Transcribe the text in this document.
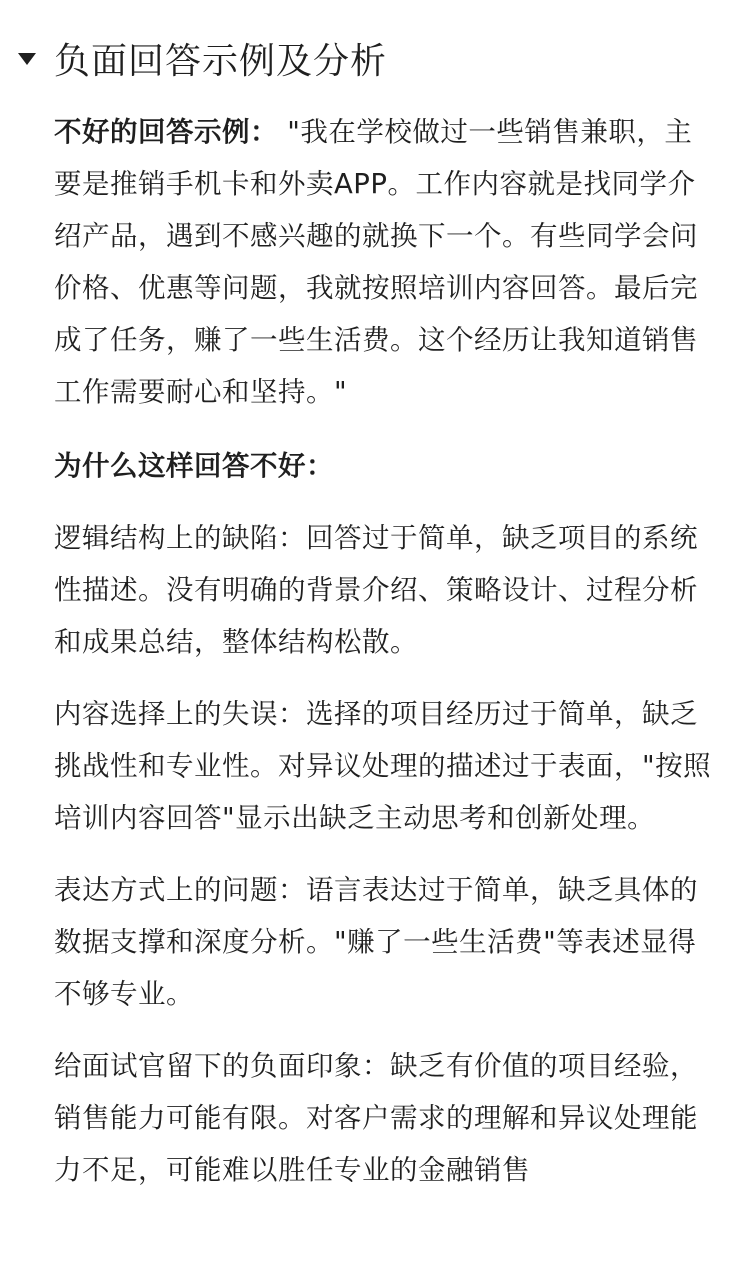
负面回答示例及分析

不好的回答示例： "我在学校做过一些销售兼职，主要是推销手机卡和外卖APP。工作内容就是找同学介绍产品，遇到不感兴趣的就换下一个。有些同学会问价格、优惠等问题，我就按照培训内容回答。最后完成了任务，赚了一些生活费。这个经历让我知道销售工作需要耐心和坚持。"

为什么这样回答不好：

逻辑结构上的缺陷：回答过于简单，缺乏项目的系统性描述。没有明确的背景介绍、策略设计、过程分析和成果总结，整体结构松散。

内容选择上的失误：选择的项目经历过于简单，缺乏挑战性和专业性。对异议处理的描述过于表面，"按照培训内容回答"显示出缺乏主动思考和创新处理。

表达方式上的问题：语言表达过于简单，缺乏具体的数据支撑和深度分析。"赚了一些生活费"等表述显得不够专业。

给面试官留下的负面印象：缺乏有价值的项目经验，销售能力可能有限。对客户需求的理解和异议处理能力不足，可能难以胜任专业的金融销售
